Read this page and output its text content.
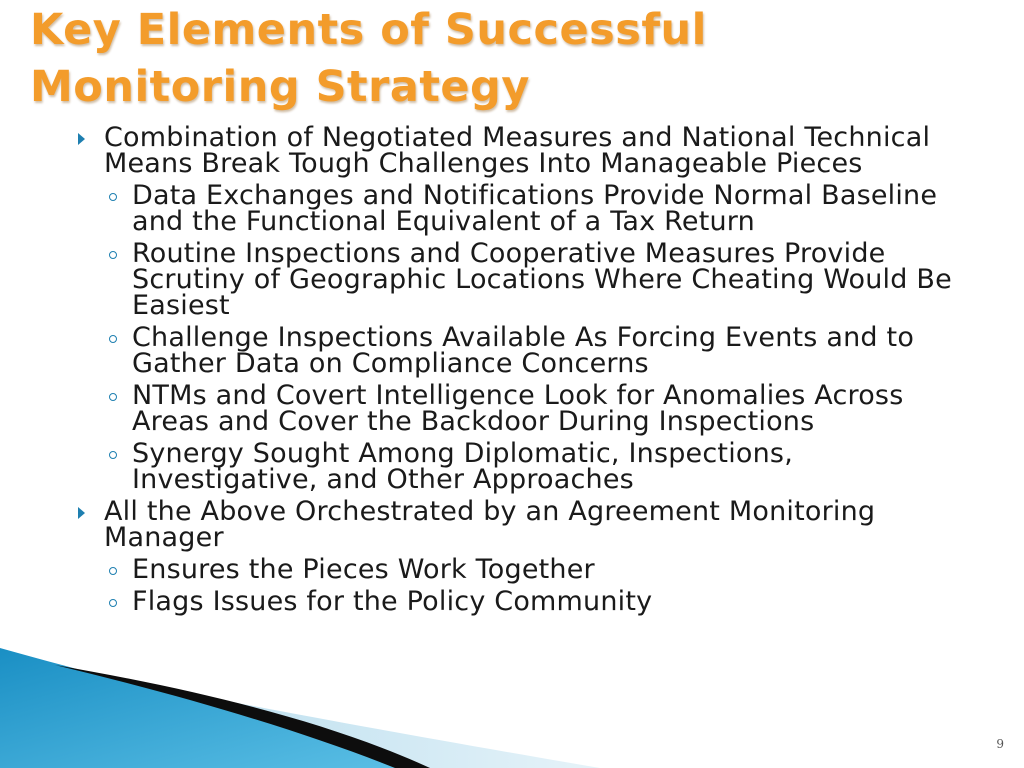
Key Elements of Successful
Monitoring Strategy
Combination of Negotiated Measures and National Technical Means Break Tough Challenges Into Manageable Pieces
Data Exchanges and Notifications Provide Normal Baseline and the Functional Equivalent of a Tax Return
Routine Inspections and Cooperative Measures Provide Scrutiny of Geographic Locations Where Cheating Would Be Easiest
Challenge Inspections Available As Forcing Events and to Gather Data on Compliance Concerns
NTMs and Covert Intelligence Look for Anomalies Across Areas and Cover the Backdoor During Inspections
Synergy Sought Among Diplomatic, Inspections, Investigative, and Other Approaches
All the Above Orchestrated by an Agreement Monitoring Manager
Ensures the Pieces Work Together
Flags Issues for the Policy Community
9
